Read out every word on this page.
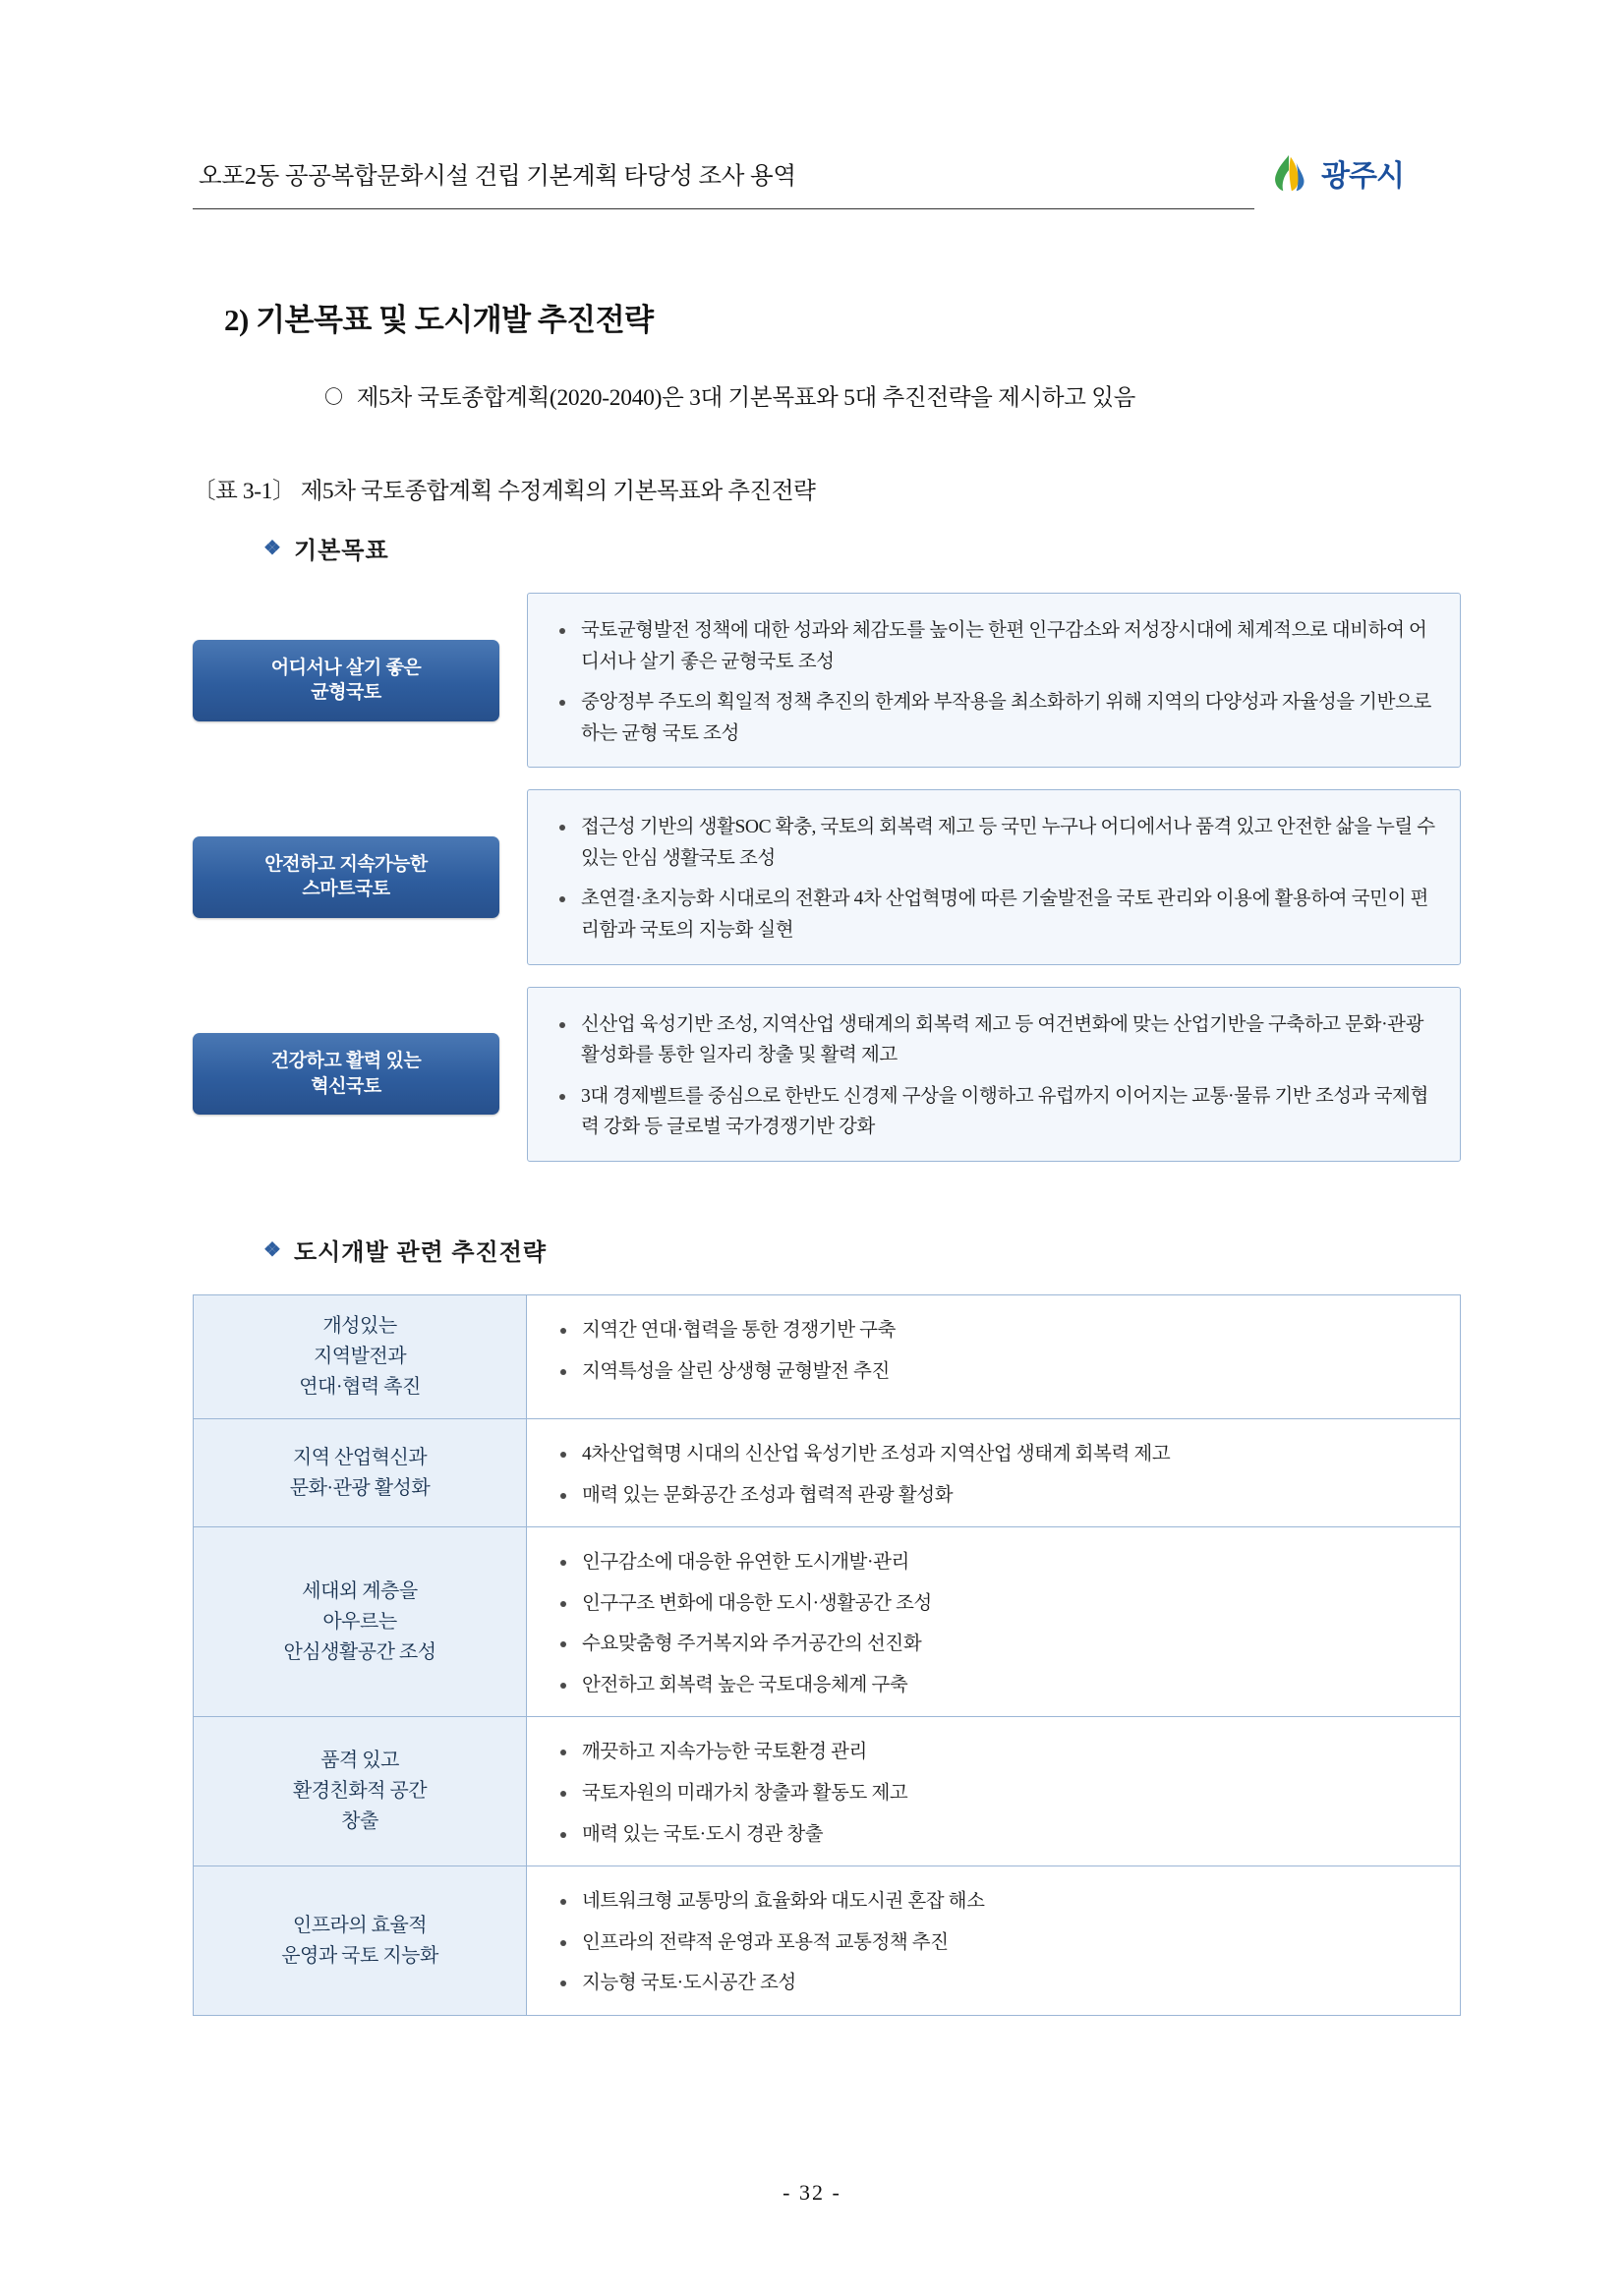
오포2동 공공복합문화시설 건립 기본계획 타당성 조사 용역	광주시
2) 기본목표 및 도시개발 추진전략
〇 제5차 국토종합계획(2020-2040)은 3대 기본목표와 5대 추진전략을 제시하고 있음
〔표 3-1〕 제5차 국토종합계획 수정계획의 기본목표와 추진전략
❖ 기본목표
어디서나 살기 좋은
균형국토
국토균형발전 정책에 대한 성과와 체감도를 높이는 한편 인구감소와 저성장시대에 체계적으로 대비하여 어디서나 살기 좋은 균형국토 조성
중앙정부 주도의 획일적 정책 추진의 한계와 부작용을 최소화하기 위해 지역의 다양성과 자율성을 기반으로 하는 균형 국토 조성
안전하고 지속가능한
스마트국토
접근성 기반의 생활SOC 확충, 국토의 회복력 제고 등 국민 누구나 어디에서나 품격 있고 안전한 삶을 누릴 수 있는 안심 생활국토 조성
초연결·초지능화 시대로의 전환과 4차 산업혁명에 따른 기술발전을 국토 관리와 이용에 활용하여 국민이 편리함과 국토의 지능화 실현
건강하고 활력 있는
혁신국토
신산업 육성기반 조성, 지역산업 생태계의 회복력 제고 등 여건변화에 맞는 산업기반을 구축하고 문화·관광 활성화를 통한 일자리 창출 및 활력 제고
3대 경제벨트를 중심으로 한반도 신경제 구상을 이행하고 유럽까지 이어지는 교통·물류 기반 조성과 국제협력 강화 등 글로벌 국가경쟁기반 강화
❖ 도시개발 관련 추진전략
개성있는
지역발전과
연대·협력 촉진
지역간 연대·협력을 통한 경쟁기반 구축
지역특성을 살린 상생형 균형발전 추진
지역 산업혁신과
문화·관광 활성화
4차산업혁명 시대의 신산업 육성기반 조성과 지역산업 생태계 회복력 제고
매력 있는 문화공간 조성과 협력적 관광 활성화
세대외 계층을
아우르는
안심생활공간 조성
인구감소에 대응한 유연한 도시개발·관리
인구구조 변화에 대응한 도시·생활공간 조성
수요맞춤형 주거복지와 주거공간의 선진화
안전하고 회복력 높은 국토대응체계 구축
품격 있고
환경친화적 공간
창출
깨끗하고 지속가능한 국토환경 관리
국토자원의 미래가치 창출과 활동도 제고
매력 있는 국토·도시 경관 창출
인프라의 효율적
운영과 국토 지능화
네트워크형 교통망의 효율화와 대도시권 혼잡 해소
인프라의 전략적 운영과 포용적 교통정책 추진
지능형 국토·도시공간 조성
- 32 -
